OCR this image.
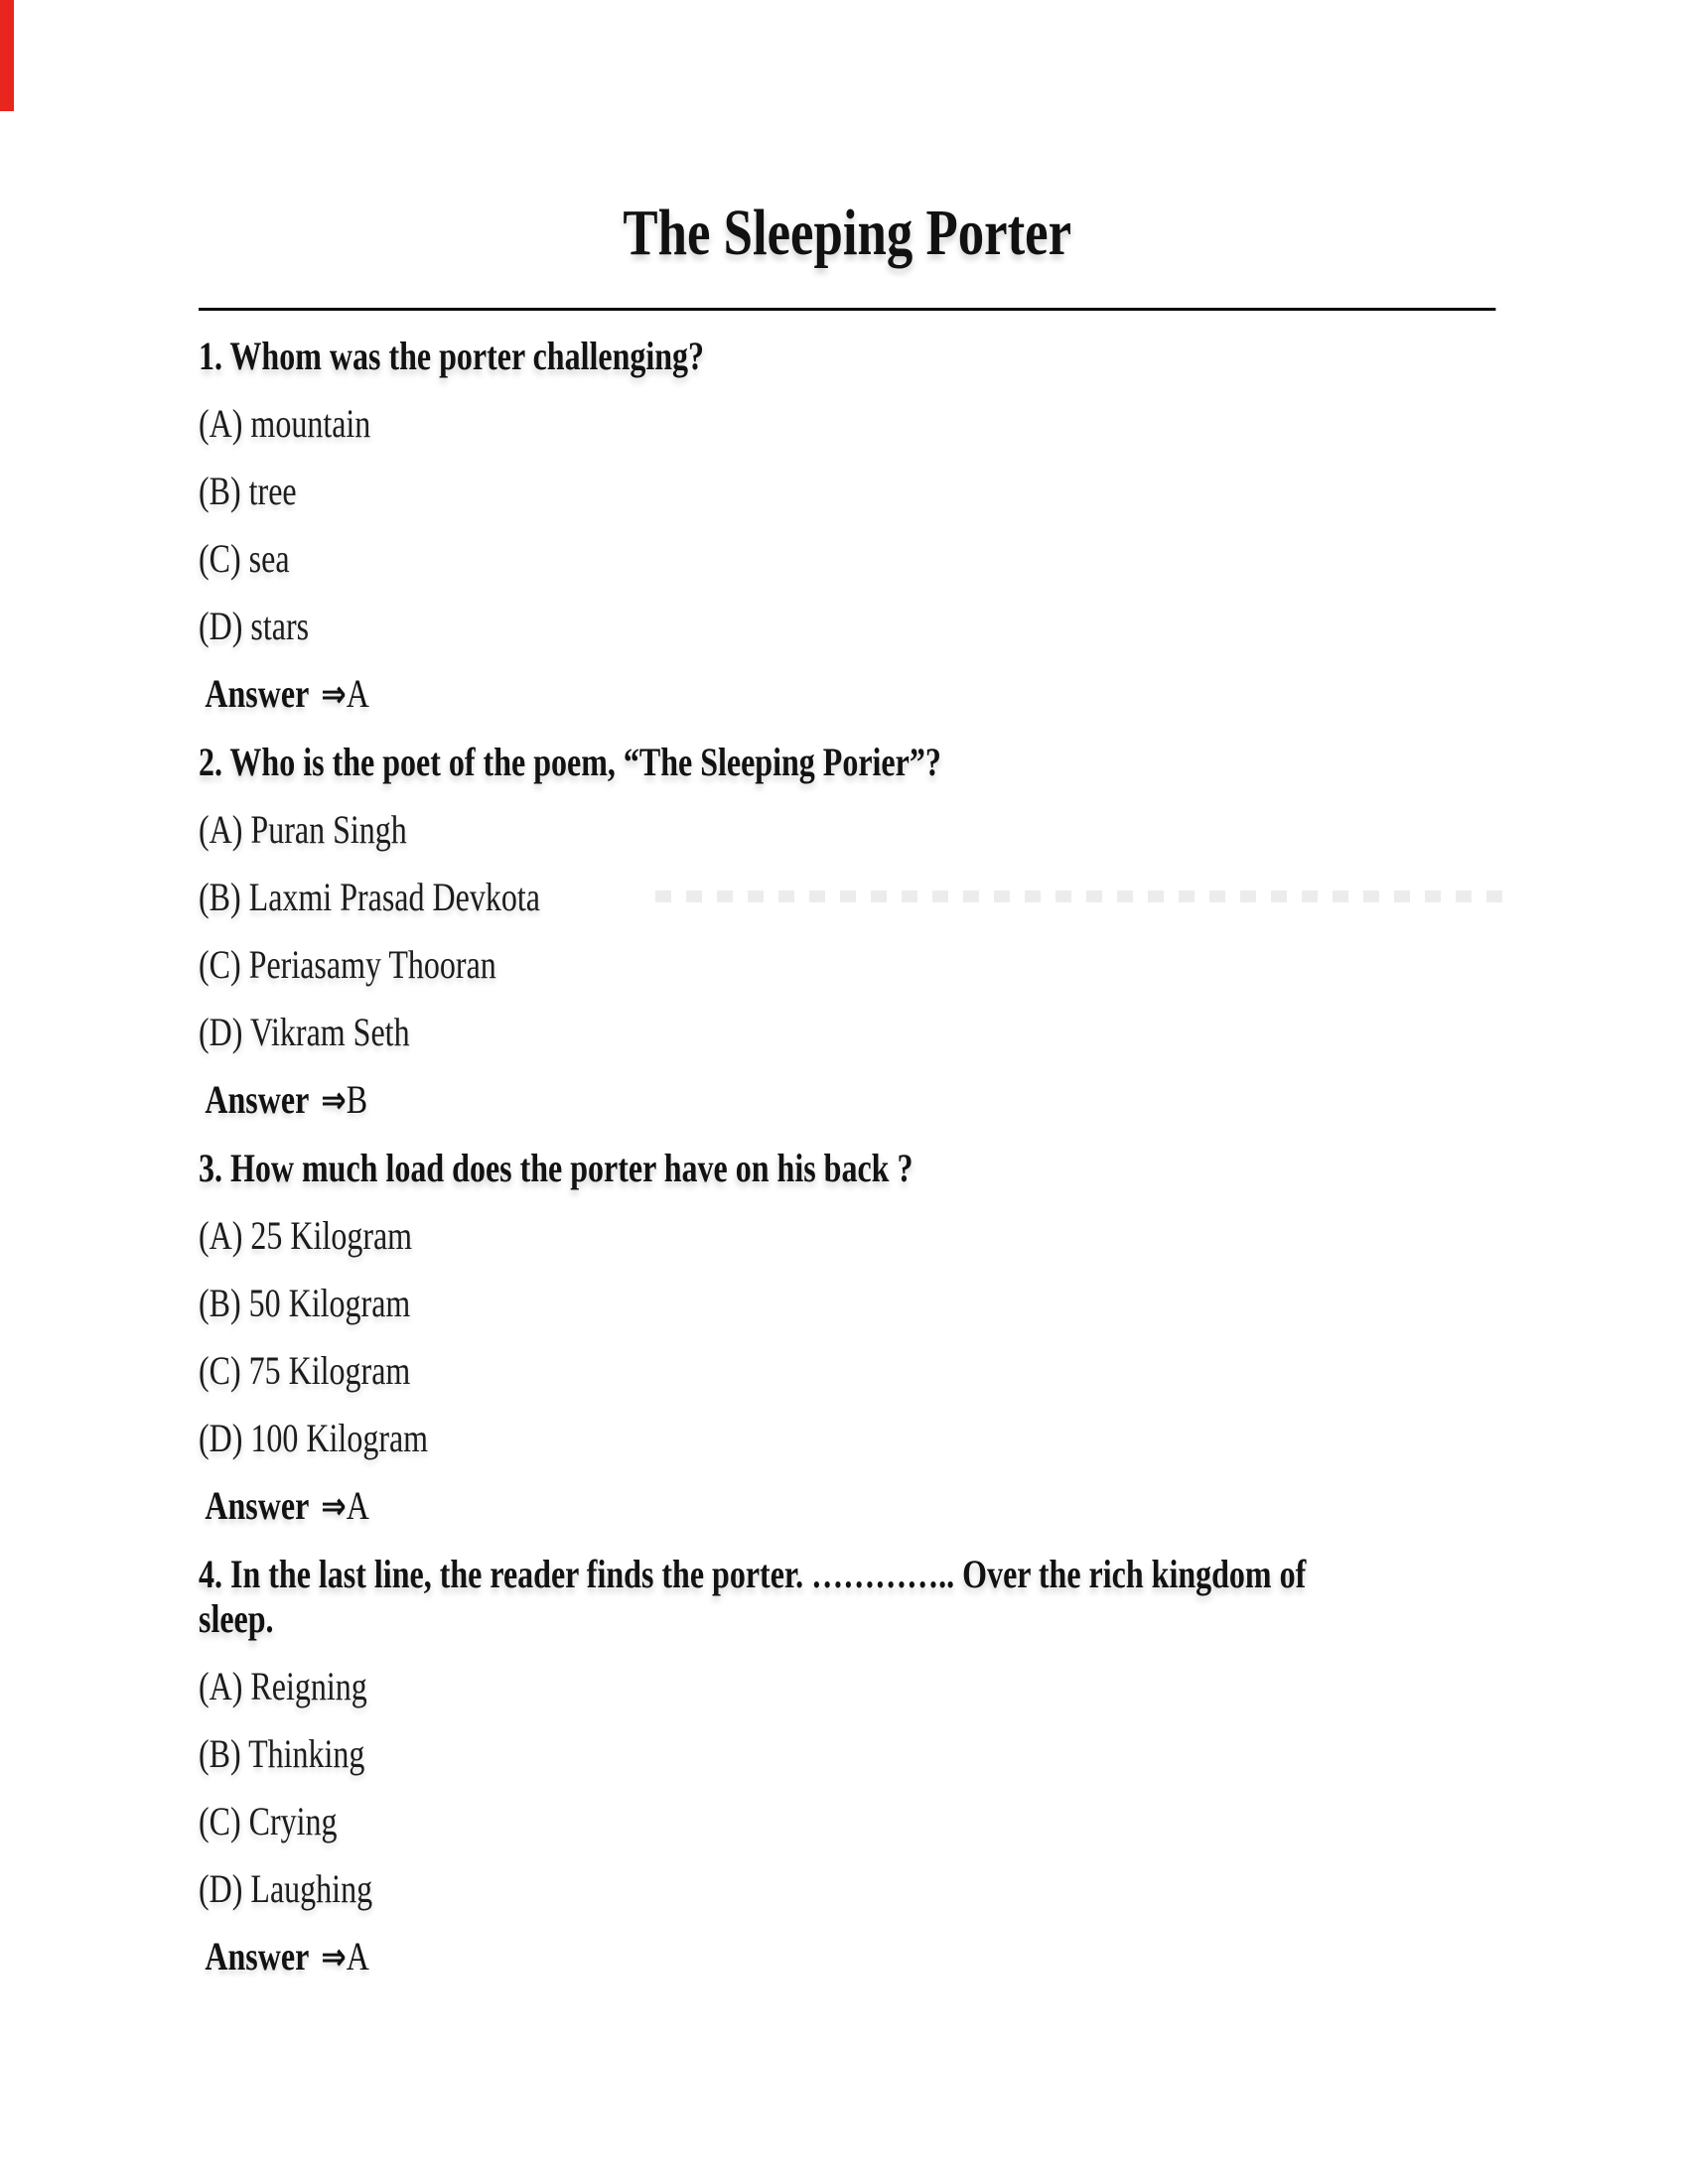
The Sleeping Porter

1. Whom was the porter challenging?

(A) mountain

(B) tree

(C) sea

(D) stars

Answer ⇒A

2. Who is the poet of the poem, “The Sleeping Porier”?

(A) Puran Singh

(B) Laxmi Prasad Devkota

(C) Periasamy Thooran

(D) Vikram Seth

Answer ⇒B

3. How much load does the porter have on his back ?

(A) 25 Kilogram

(B) 50 Kilogram

(C) 75 Kilogram

(D) 100 Kilogram

Answer ⇒A

4. In the last line, the reader finds the porter. ………….. Over the rich kingdom of
sleep.

(A) Reigning

(B) Thinking

(C) Crying

(D) Laughing

Answer ⇒A
